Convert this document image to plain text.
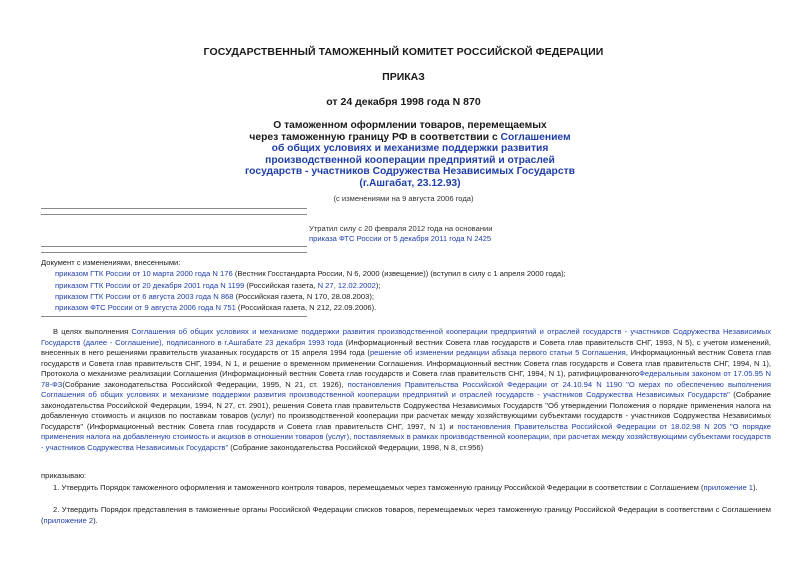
ГОСУДАРСТВЕННЫЙ ТАМОЖЕННЫЙ КОМИТЕТ РОССИЙСКОЙ ФЕДЕРАЦИИ
ПРИКАЗ
от 24 декабря 1998 года N 870
О таможенном оформлении товаров, перемещаемых
через таможенную границу РФ в соответствии с Соглашением
об общих условиях и механизме поддержки развития
производственной кооперации предприятий и отраслей
государств - участников Содружества Независимых Государств
(г.Ашгабат, 23.12.93)
(с изменениями на 9 августа 2006 года)
Утратил силу с 20 февраля 2012 года на основании
приказа ФТС России от 5 декабря 2011 года N 2425
Документ с изменениями, внесенными:
приказом ГТК России от 10 марта 2000 года N 176 (Вестник Госстандарта России, N 6, 2000 (извещение)) (вступил в силу с 1 апреля 2000 года);
приказом ГТК России от 20 декабря 2001 года N 1199 (Российская газета, N 27, 12.02.2002);
приказом ГТК России от 6 августа 2003 года N 868 (Российская газета, N 170, 28.08.2003);
приказом ФТС России от 9 августа 2006 года N 751 (Российская газета, N 212, 22.09.2006).
В целях выполнения Соглашения об общих условиях и механизме поддержки развития производственной кооперации предприятий и отраслей государств - участников Содружества Независимых Государств (далее - Соглашение), подписанного в г.Ашгабате 23 декабря 1993 года (Информационный вестник Совета глав государств и Совета глав правительств СНГ, 1993, N 5), с учетом изменений, внесенных в него решениями правительств указанных государств от 15 апреля 1994 года (решение об изменении редакции абзаца первого статьи 5 Соглашения, Информационный вестник Совета глав государств и Совета глав правительств СНГ, 1994, N 1, и решение о временном применении Соглашения. Информационный вестник Совета глав государств и Совета глав правительств СНГ, 1994, N 1), Протокола о механизме реализации Соглашения (Информационный вестник Совета глав государств и Совета глав правительств СНГ, 1994, N 1), ратифицированногоФедеральным законом от 17.05.95 N 78-ФЗ(Собрание законодательства Российской Федерации, 1995, N 21, ст. 1926), постановления Правительства Российской Федерации от 24.10.94 N 1190 "О мерах по обеспечению выполнения Соглашения об общих условиях и механизме поддержки развития производственной кооперации предприятий и отраслей государств - участников Содружества Независимых Государств" (Собрание законодательства Российской Федерации, 1994, N 27, ст. 2901), решения Совета глав правительств Содружества Независимых Государств "Об утверждении Положения о порядке применения налога на добавленную стоимость и акцизов по поставкам товаров (услуг) по производственной кооперации при расчетах между хозяйствующими субъектами государств - участников Содружества Независимых Государств" (Информационный вестник Совета глав государств и Совета глав правительств СНГ, 1997, N 1) и постановления Правительства Российской Федерации от 18.02.98 N 205 "О порядке применения налога на добавленную стоимость и акцизов в отношении товаров (услуг), поставляемых в рамках производственной кооперации, при расчетах между хозяйствующими субъектами государств - участников Содружества Независимых Государств" (Собрание законодательства Российской Федерации, 1998, N 8, ст.956)
приказываю:
1. Утвердить Порядок таможенного оформления и таможенного контроля товаров, перемещаемых через таможенную границу Российской Федерации в соответствии с Соглашением (приложение 1).
2. Утвердить Порядок представления в таможенные органы Российской Федерации списков товаров, перемещаемых через таможенную границу Российской Федерации в соответствии с Соглашением (приложение 2).
